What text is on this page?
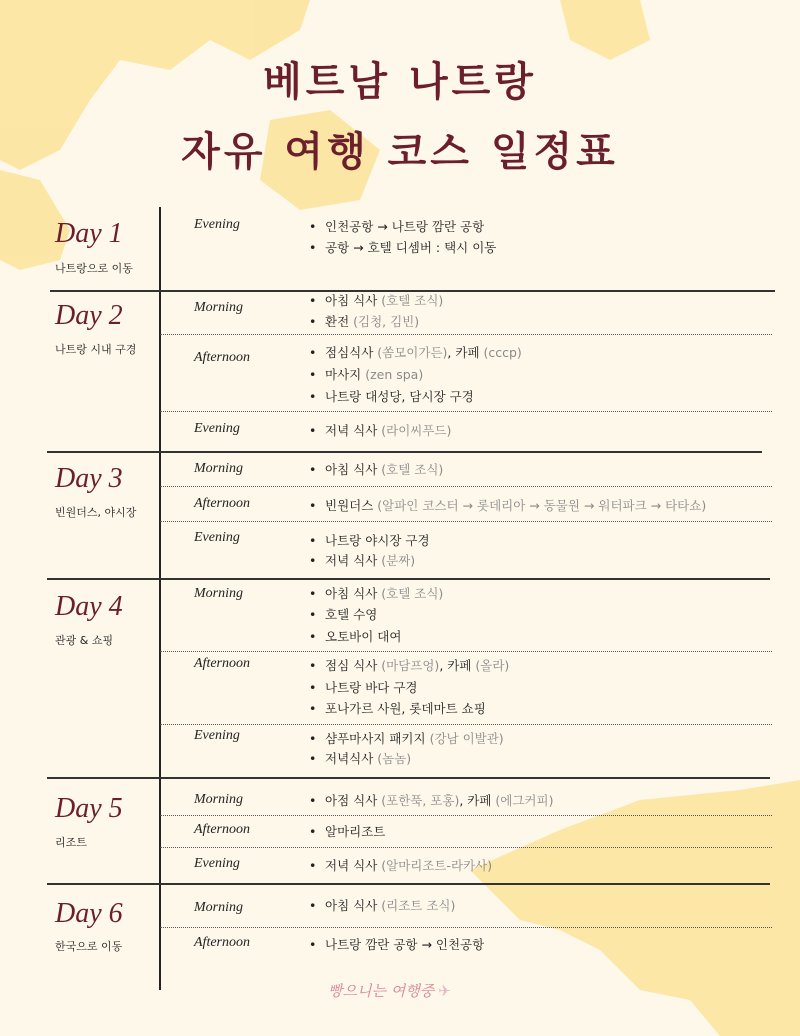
베트남 나트랑
자유 여행 코스 일정표
Day 1
나트랑으로 이동
Evening	• 인천공항 → 나트랑 깜란 공항
• 공항 → 호텔 디셈버 : 택시 이동
Day 2
나트랑 시내 구경
Morning	• 아침 식사 (호텔 조식)
• 환전 (김청, 김빈)
Afternoon	• 점심식사 (쏨모이가든), 카페 (cccp)
• 마사지 (zen spa)
• 나트랑 대성당, 담시장 구경
Evening	• 저녁 식사 (라이씨푸드)
Day 3
빈원더스, 야시장
Morning	• 아침 식사 (호텔 조식)
Afternoon	• 빈원더스 (알파인 코스터 → 롯데리아 → 동물원 → 워터파크 → 타타쇼)
Evening	• 나트랑 야시장 구경
• 저녁 식사 (분짜)
Day 4
관광 & 쇼핑
Morning	• 아침 식사 (호텔 조식)
• 호텔 수영
• 오토바이 대여
Afternoon	• 점심 식사 (마담프엉), 카페 (올라)
• 나트랑 바다 구경
• 포나가르 사원, 롯데마트 쇼핑
Evening	• 샴푸마사지 패키지 (강남 이발관)
• 저녁식사 (놈놈)
Day 5
리조트
Morning	• 아점 식사 (포한푹, 포홍), 카페 (에그커피)
Afternoon	• 알마리조트
Evening	• 저녁 식사 (알마리조트-라카사)
Day 6
한국으로 이동
Morning	• 아침 식사 (리조트 조식)
Afternoon	• 나트랑 깜란 공항 → 인천공항
빵으니는 여행중 ✈
